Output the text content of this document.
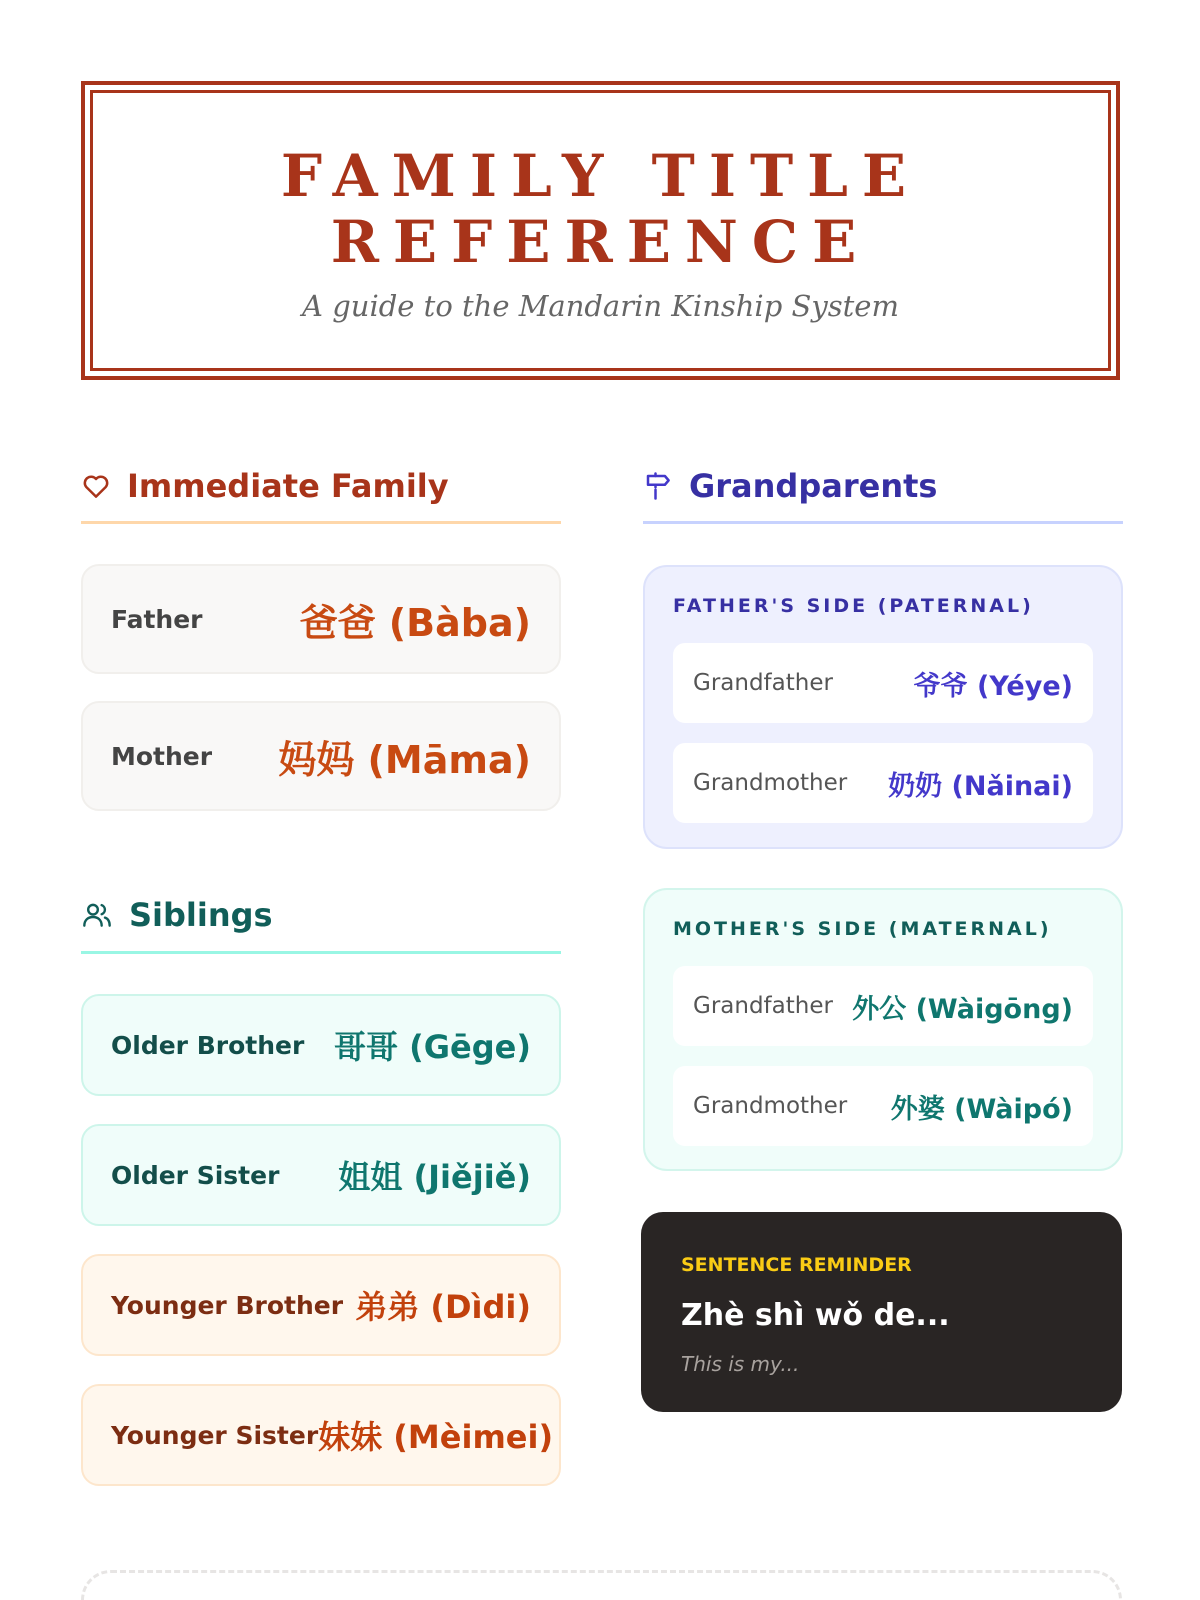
FAMILY TITLE REFERENCE

A guide to the Mandarin Kinship System

Immediate Family
Father	爸爸 (Bàba)
Mother 妈妈 (Māma)
Siblings
Older Brother 哥哥 (Gēge)
Older Sister 姐姐 (Jiějiě)
Younger Brother 弟弟 (Dìdi)
Younger Sister 妹妹 (Mèimei)
Grandparents
FATHER'S SIDE (PATERNAL)
Grandfather	爷爷 (Yéye)
Grandmother 奶奶 (Nǎinai)
MOTHER'S SIDE (MATERNAL)
Grandfather 外公 (Wàigōng)
Grandmother 外婆 (Wàipó)
SENTENCE REMINDER
Zhè shì wǒ de...
This is my...
